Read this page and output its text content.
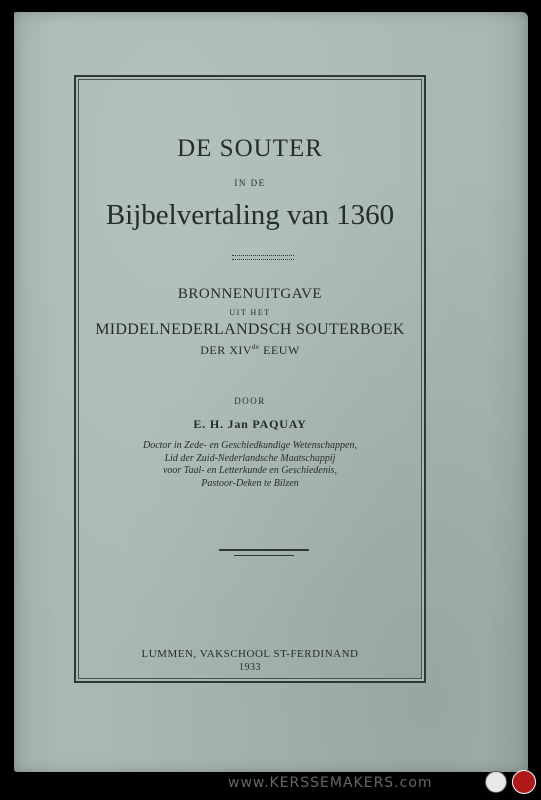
DE SOUTER
IN DE
Bijbelvertaling van 1360
BRONNENUITGAVE
UIT HET
MIDDELNEDERLANDSCH SOUTERBOEK
DER XIVde EEUW
DOOR
E. H. Jan PAQUAY
Doctor in Zede- en Geschiedkundige Wetenschappen,
Lid der Zuid-Nederlandsche Maatschappij
voor Taal- en Letterkunde en Geschiedenis,
Pastoor-Deken te Bilzen
LUMMEN, VAKSCHOOL ST-FERDINAND
1933
www.KERSSEMAKERS.com
